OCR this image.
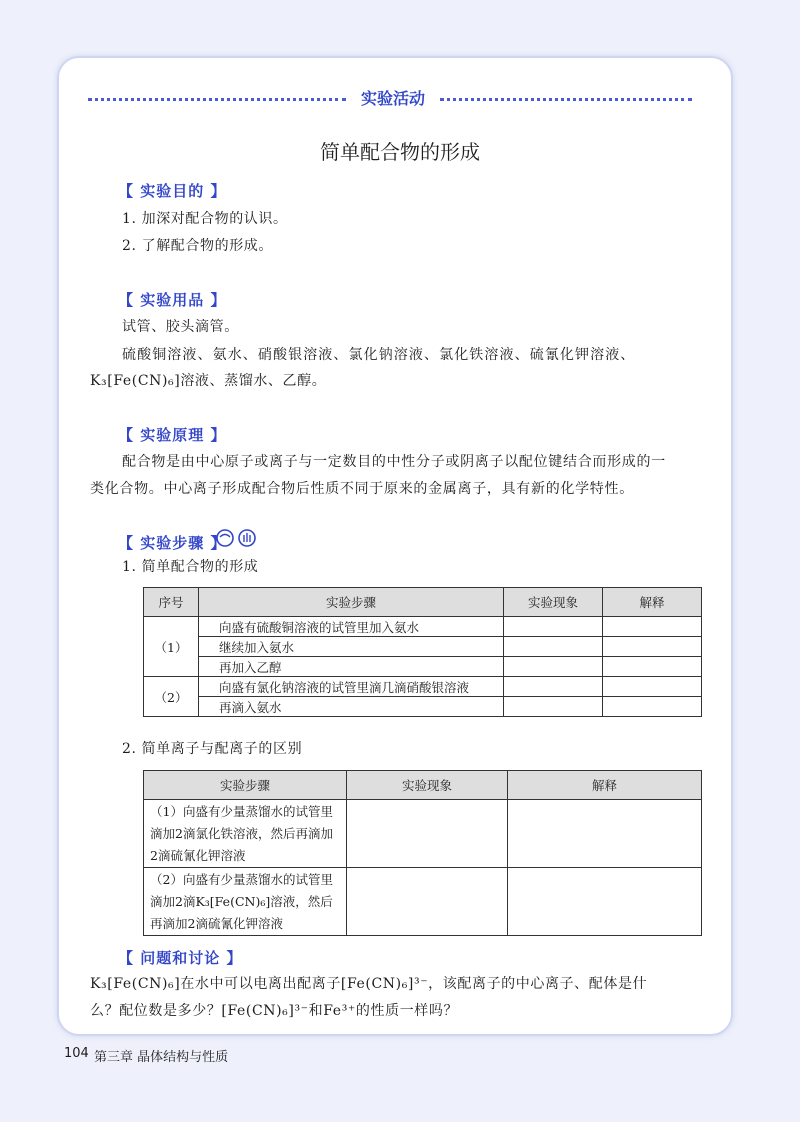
实验活动
简单配合物的形成
【 实验目的 】
1. 加深对配合物的认识。
2. 了解配合物的形成。
【 实验用品 】
试管、胶头滴管。
硫酸铜溶液、氨水、硝酸银溶液、氯化钠溶液、氯化铁溶液、硫氰化钾溶液、
K₃[Fe(CN)₆]溶液、蒸馏水、乙醇。
【 实验原理 】
配合物是由中心原子或离子与一定数目的中性分子或阴离子以配位键结合而形成的一
类化合物。中心离子形成配合物后性质不同于原来的金属离子，具有新的化学特性。
【 实验步骤 】
1. 简单配合物的形成
序号	实验步骤	实验现象	解释
（1）	向盛有硫酸铜溶液的试管里加入氨水		
	继续加入氨水		
	再加入乙醇		
（2）	向盛有氯化钠溶液的试管里滴几滴硝酸银溶液		
	再滴入氨水		
2. 简单离子与配离子的区别
实验步骤	实验现象	解释
（1）向盛有少量蒸馏水的试管里滴加2滴氯化铁溶液，然后再滴加2滴硫氰化钾溶液		
（2）向盛有少量蒸馏水的试管里滴加2滴K₃[Fe(CN)₆]溶液，然后再滴加2滴硫氰化钾溶液		
【 问题和讨论 】
K₃[Fe(CN)₆]在水中可以电离出配离子[Fe(CN)₆]³⁻，该配离子的中心离子、配体是什
么？配位数是多少？[Fe(CN)₆]³⁻和Fe³⁺的性质一样吗？
104 第三章 晶体结构与性质
